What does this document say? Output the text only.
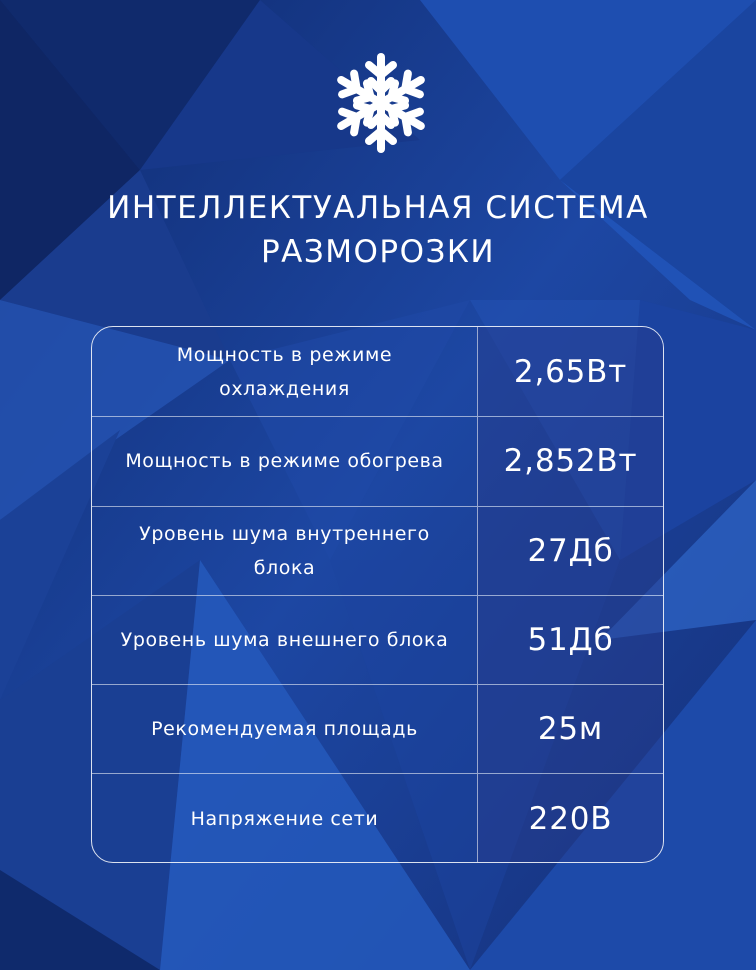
ИНТЕЛЛЕКТУАЛЬНАЯ СИСТЕМА
РАЗМОРОЗКИ
Мощность в режиме охлаждения	2,65Вт
Мощность в режиме обогрева	2,852Вт
Уровень шума внутреннего блока	27Дб
Уровень шума внешнего блока	51Дб
Рекомендуемая площадь	25м
Напряжение сети	220В
